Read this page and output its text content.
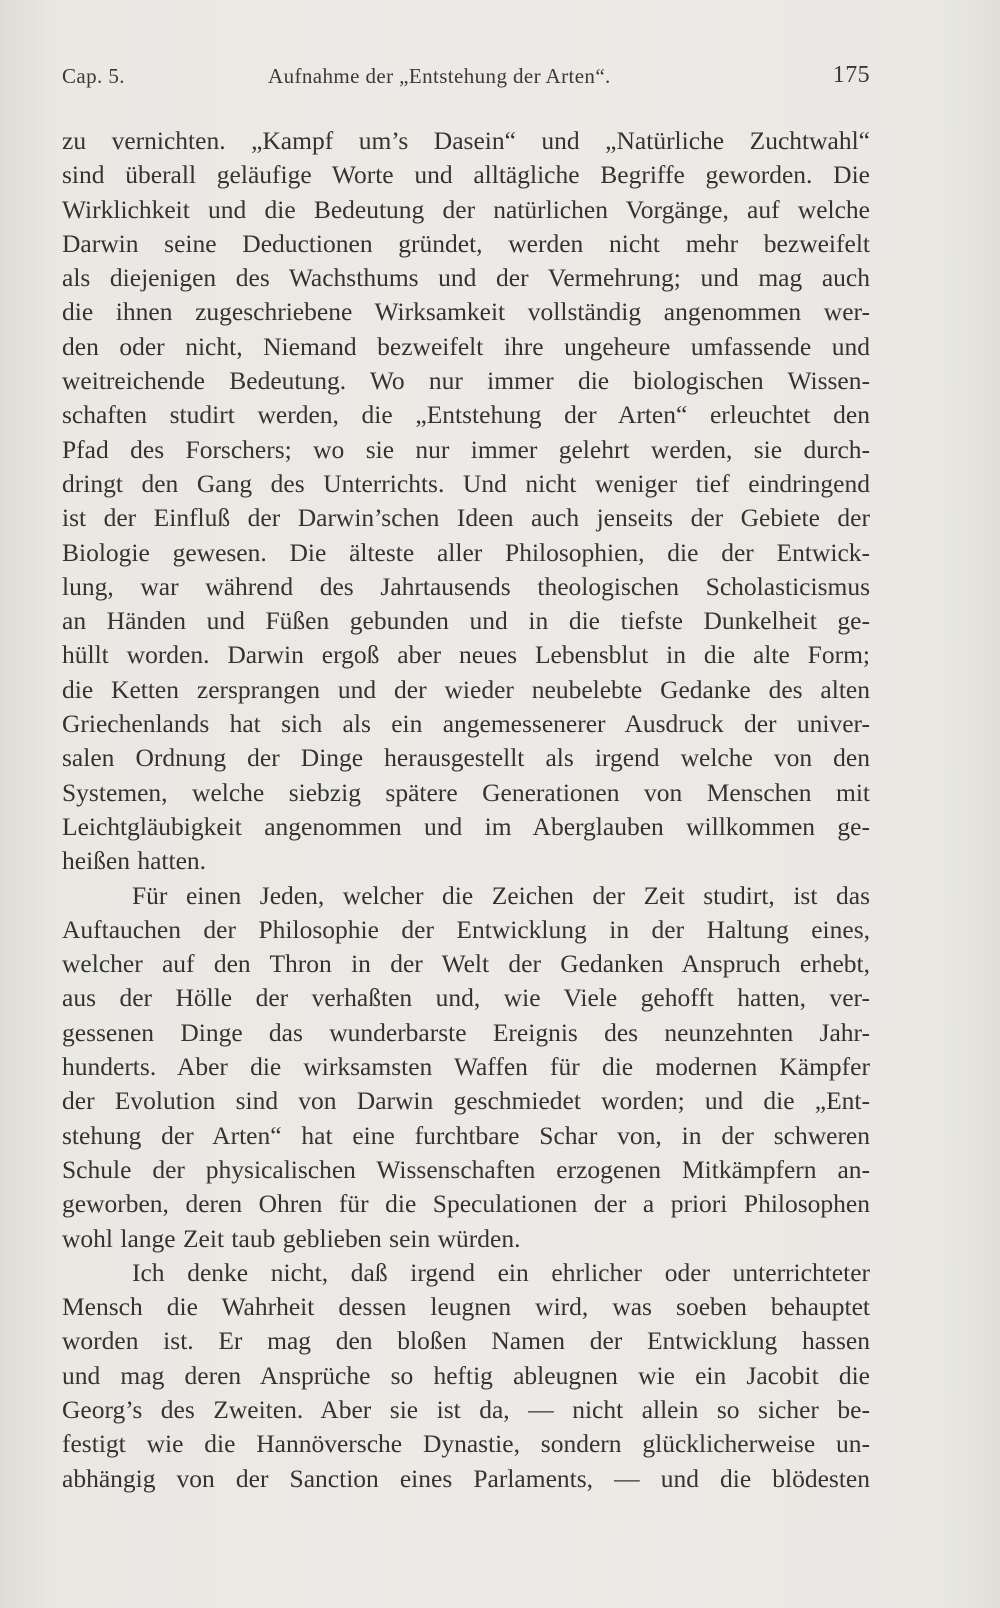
Cap. 5.	Aufnahme der „Entstehung der Arten“.	175
zu vernichten. „Kampf um’s Dasein“ und „Natürliche Zuchtwahl“
sind überall geläufige Worte und alltägliche Begriffe geworden. Die
Wirklichkeit und die Bedeutung der natürlichen Vorgänge, auf welche
Darwin seine Deductionen gründet, werden nicht mehr bezweifelt
als diejenigen des Wachsthums und der Vermehrung; und mag auch
die ihnen zugeschriebene Wirksamkeit vollständig angenommen wer-
den oder nicht, Niemand bezweifelt ihre ungeheure umfassende und
weitreichende Bedeutung. Wo nur immer die biologischen Wissen-
schaften studirt werden, die „Entstehung der Arten“ erleuchtet den
Pfad des Forschers; wo sie nur immer gelehrt werden, sie durch-
dringt den Gang des Unterrichts. Und nicht weniger tief eindringend
ist der Einfluß der Darwin’schen Ideen auch jenseits der Gebiete der
Biologie gewesen. Die älteste aller Philosophien, die der Entwick-
lung, war während des Jahrtausends theologischen Scholasticismus
an Händen und Füßen gebunden und in die tiefste Dunkelheit ge-
hüllt worden. Darwin ergoß aber neues Lebensblut in die alte Form;
die Ketten zersprangen und der wieder neubelebte Gedanke des alten
Griechenlands hat sich als ein angemessenerer Ausdruck der univer-
salen Ordnung der Dinge herausgestellt als irgend welche von den
Systemen, welche siebzig spätere Generationen von Menschen mit
Leichtgläubigkeit angenommen und im Aberglauben willkommen ge-
heißen hatten.
Für einen Jeden, welcher die Zeichen der Zeit studirt, ist das
Auftauchen der Philosophie der Entwicklung in der Haltung eines,
welcher auf den Thron in der Welt der Gedanken Anspruch erhebt,
aus der Hölle der verhaßten und, wie Viele gehofft hatten, ver-
gessenen Dinge das wunderbarste Ereignis des neunzehnten Jahr-
hunderts. Aber die wirksamsten Waffen für die modernen Kämpfer
der Evolution sind von Darwin geschmiedet worden; und die „Ent-
stehung der Arten“ hat eine furchtbare Schar von, in der schweren
Schule der physicalischen Wissenschaften erzogenen Mitkämpfern an-
geworben, deren Ohren für die Speculationen der a priori Philosophen
wohl lange Zeit taub geblieben sein würden.
Ich denke nicht, daß irgend ein ehrlicher oder unterrichteter
Mensch die Wahrheit dessen leugnen wird, was soeben behauptet
worden ist. Er mag den bloßen Namen der Entwicklung hassen
und mag deren Ansprüche so heftig ableugnen wie ein Jacobit die
Georg’s des Zweiten. Aber sie ist da, — nicht allein so sicher be-
festigt wie die Hannöversche Dynastie, sondern glücklicherweise un-
abhängig von der Sanction eines Parlaments, — und die blödesten
